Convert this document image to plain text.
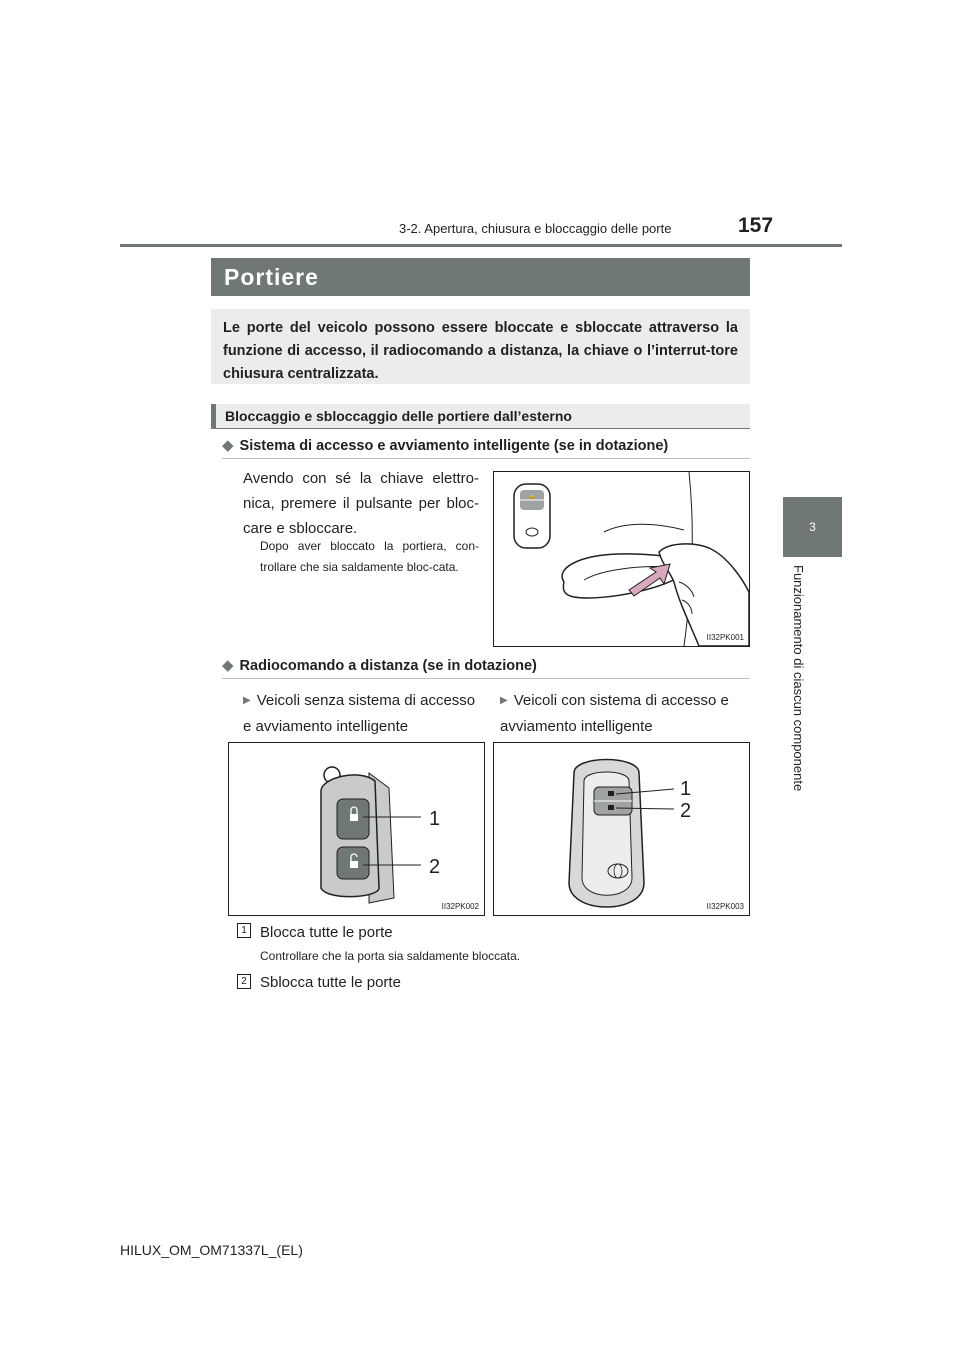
3-2. Apertura, chiusura e bloccaggio delle porte	157
3
Funzionamento di ciascun componente
Portiere
Le porte del veicolo possono essere bloccate e sbloccate attraverso la funzione di accesso, il radiocomando a distanza, la chiave o l’interrut-tore chiusura centralizzata.
Bloccaggio e sbloccaggio delle portiere dall’esterno
◆ Sistema di accesso e avviamento intelligente (se in dotazione)
Avendo con sé la chiave elettro-nica, premere il pulsante per bloc-care e sbloccare.
Dopo aver bloccato la portiera, con-trollare che sia saldamente bloc-cata.
🔒
II32PK001
◆ Radiocomando a distanza (se in dotazione)
▶ Veicoli senza sistema di accesso e avviamento intelligente
▶ Veicoli con sistema di accesso e avviamento intelligente
1
2
II32PK002
1
2
II32PK003
1 Blocca tutte le porte
Controllare che la porta sia saldamente bloccata.
2 Sblocca tutte le porte
HILUX_OM_OM71337L_(EL)
